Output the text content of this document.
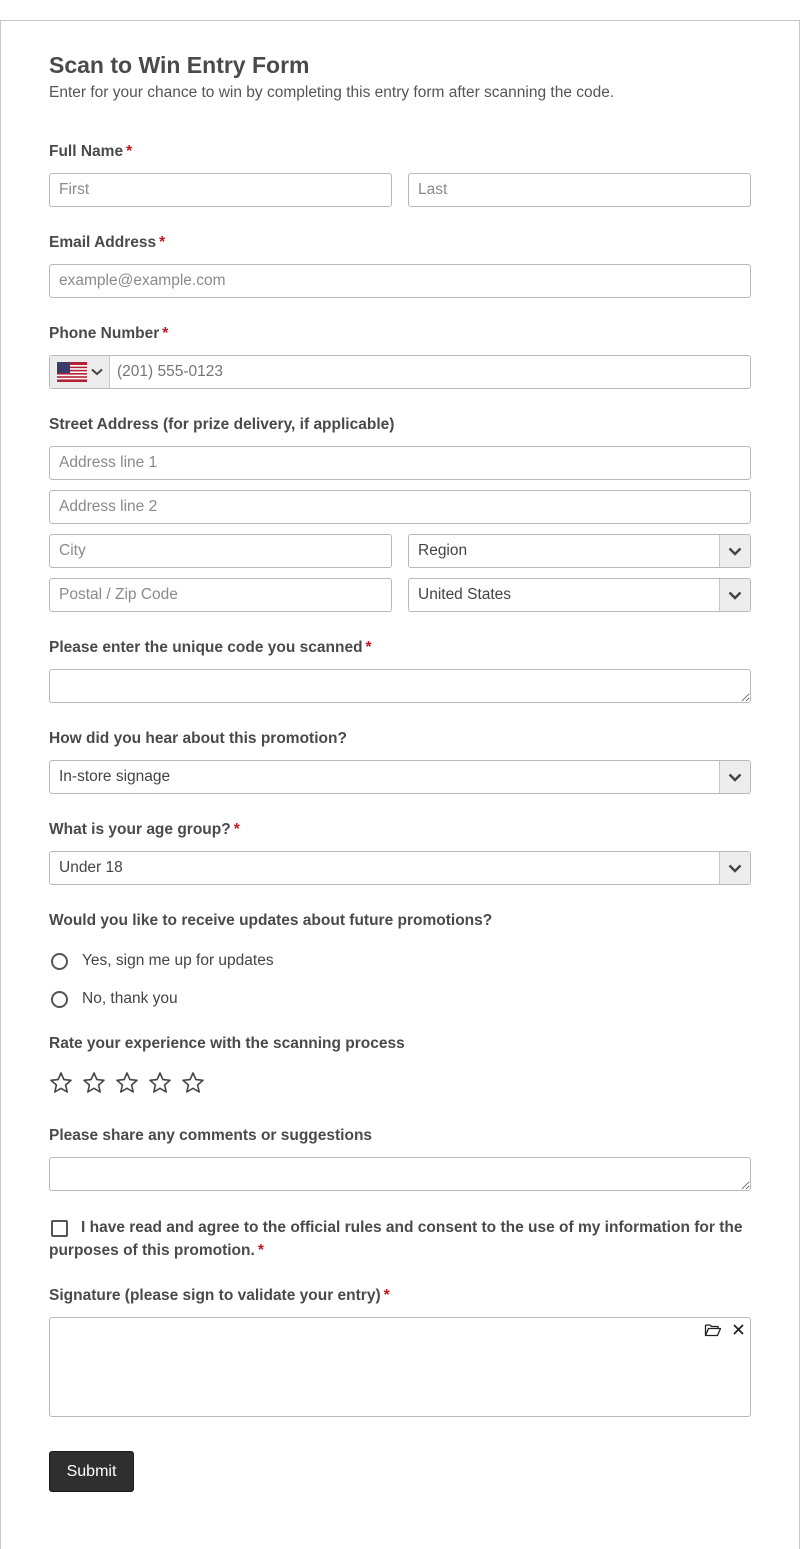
Scan to Win Entry Form
Enter for your chance to win by completing this entry form after scanning the code.
Full Name *
First
Last
Email Address *
example@example.com
Phone Number *
(201) 555-0123
Street Address (for prize delivery, if applicable)
Address line 1
Address line 2
City
Region
Postal / Zip Code
United States
Please enter the unique code you scanned *
How did you hear about this promotion?
In-store signage
What is your age group? *
Under 18
Would you like to receive updates about future promotions?
Yes, sign me up for updates
No, thank you
Rate your experience with the scanning process
Please share any comments or suggestions
I have read and agree to the official rules and consent to the use of my information for the
purposes of this promotion. *
Signature (please sign to validate your entry) *
Submit
